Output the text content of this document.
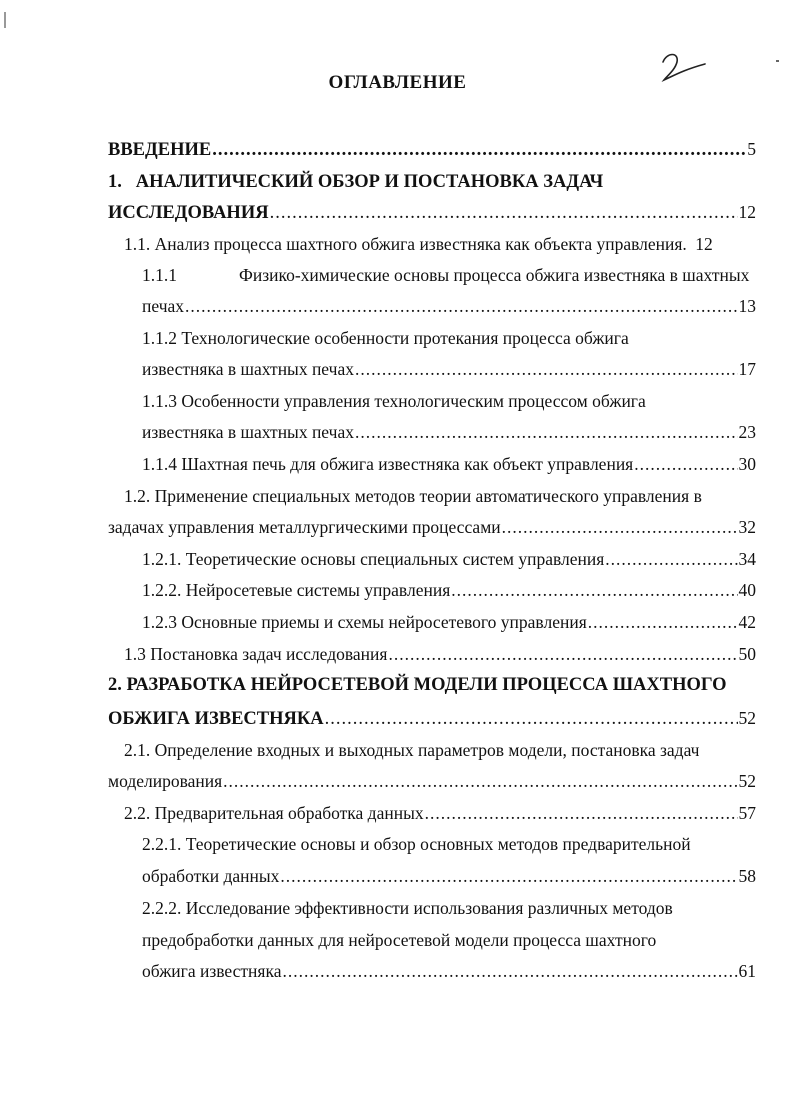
ОГЛАВЛЕНИЕ
ВВЕДЕНИЕ .....	5
1.   АНАЛИТИЧЕСКИЙ ОБЗОР И ПОСТАНОВКА ЗАДАЧ
ИССЛЕДОВАНИЯ .....	12
1.1. Анализ процесса шахтного обжига известняка как объекта управления. 12
1.1.1	Физико-химические основы процесса обжига известняка в шахтных
печах .....	13
1.1.2 Технологические особенности протекания процесса обжига
известняка в шахтных печах .....	17
1.1.3 Особенности управления технологическим процессом обжига
известняка в шахтных печах .....	23
1.1.4 Шахтная печь для обжига известняка как объект управления .....	30
1.2. Применение специальных методов теории автоматического управления в
задачах управления металлургическими процессами .....	32
1.2.1. Теоретические основы специальных систем управления .....	34
1.2.2. Нейросетевые системы управления .....	40
1.2.3 Основные приемы и схемы нейросетевого управления .....	42
1.3 Постановка задач исследования .....	50
2. РАЗРАБОТКА НЕЙРОСЕТЕВОЙ МОДЕЛИ ПРОЦЕССА ШАХТНОГО
ОБЖИГА ИЗВЕСТНЯКА .....	52
2.1. Определение входных и выходных параметров модели, постановка задач
моделирования .....	52
2.2. Предварительная обработка данных .....	57
2.2.1. Теоретические основы и обзор основных методов предварительной
обработки данных .....	58
2.2.2. Исследование эффективности использования различных методов
предобработки данных для нейросетевой модели процесса шахтного
обжига известняка .....	61
